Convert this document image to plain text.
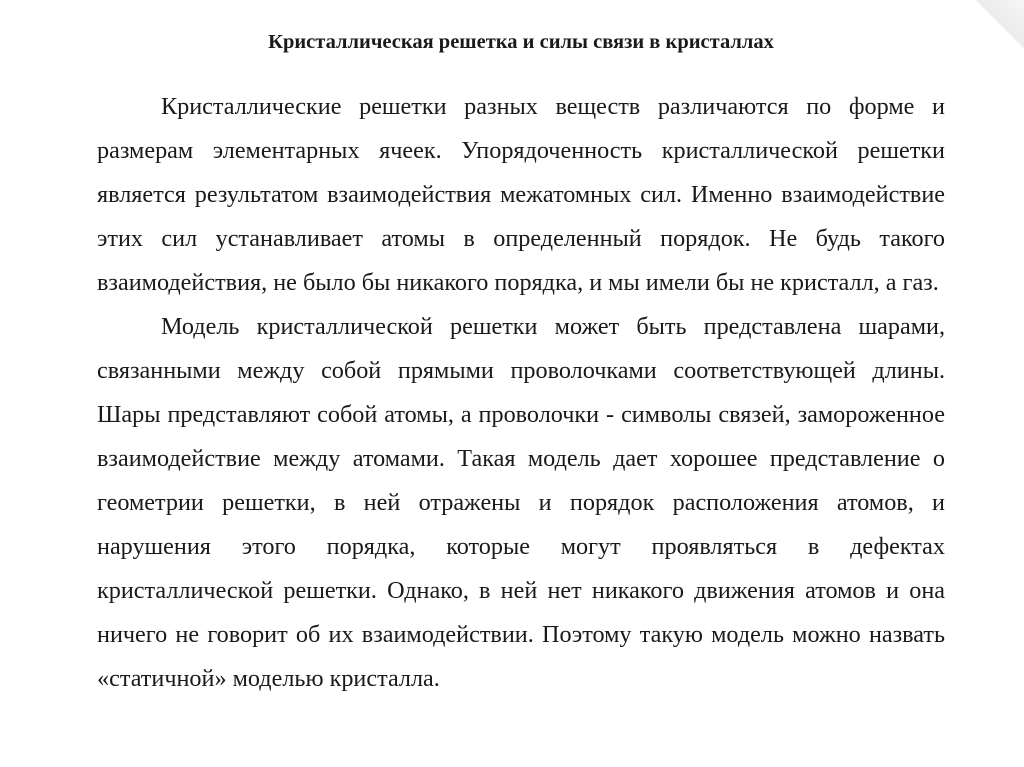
Кристаллическая решетка и силы связи в кристаллах

Кристаллические решетки разных веществ различаются по форме и размерам элементарных ячеек. Упорядоченность кристаллической решетки является результатом взаимодействия межатомных сил. Именно взаимодействие этих сил устанавливает атомы в определенный порядок. Не будь такого взаимодействия, не было бы никакого порядка, и мы имели бы не кристалл, а газ.

Модель кристаллической решетки может быть представлена шарами, связанными между собой прямыми проволочками соответствующей длины. Шары представляют собой атомы, а проволочки - символы связей, замороженное взаимодействие между атомами. Такая модель дает хорошее представление о геометрии решетки, в ней отражены и порядок расположения атомов, и нарушения этого порядка, которые могут проявляться в дефектах кристаллической решетки. Однако, в ней нет никакого движения атомов и она ничего не говорит об их взаимодействии. Поэтому такую модель можно назвать «статичной» моделью кристалла.
